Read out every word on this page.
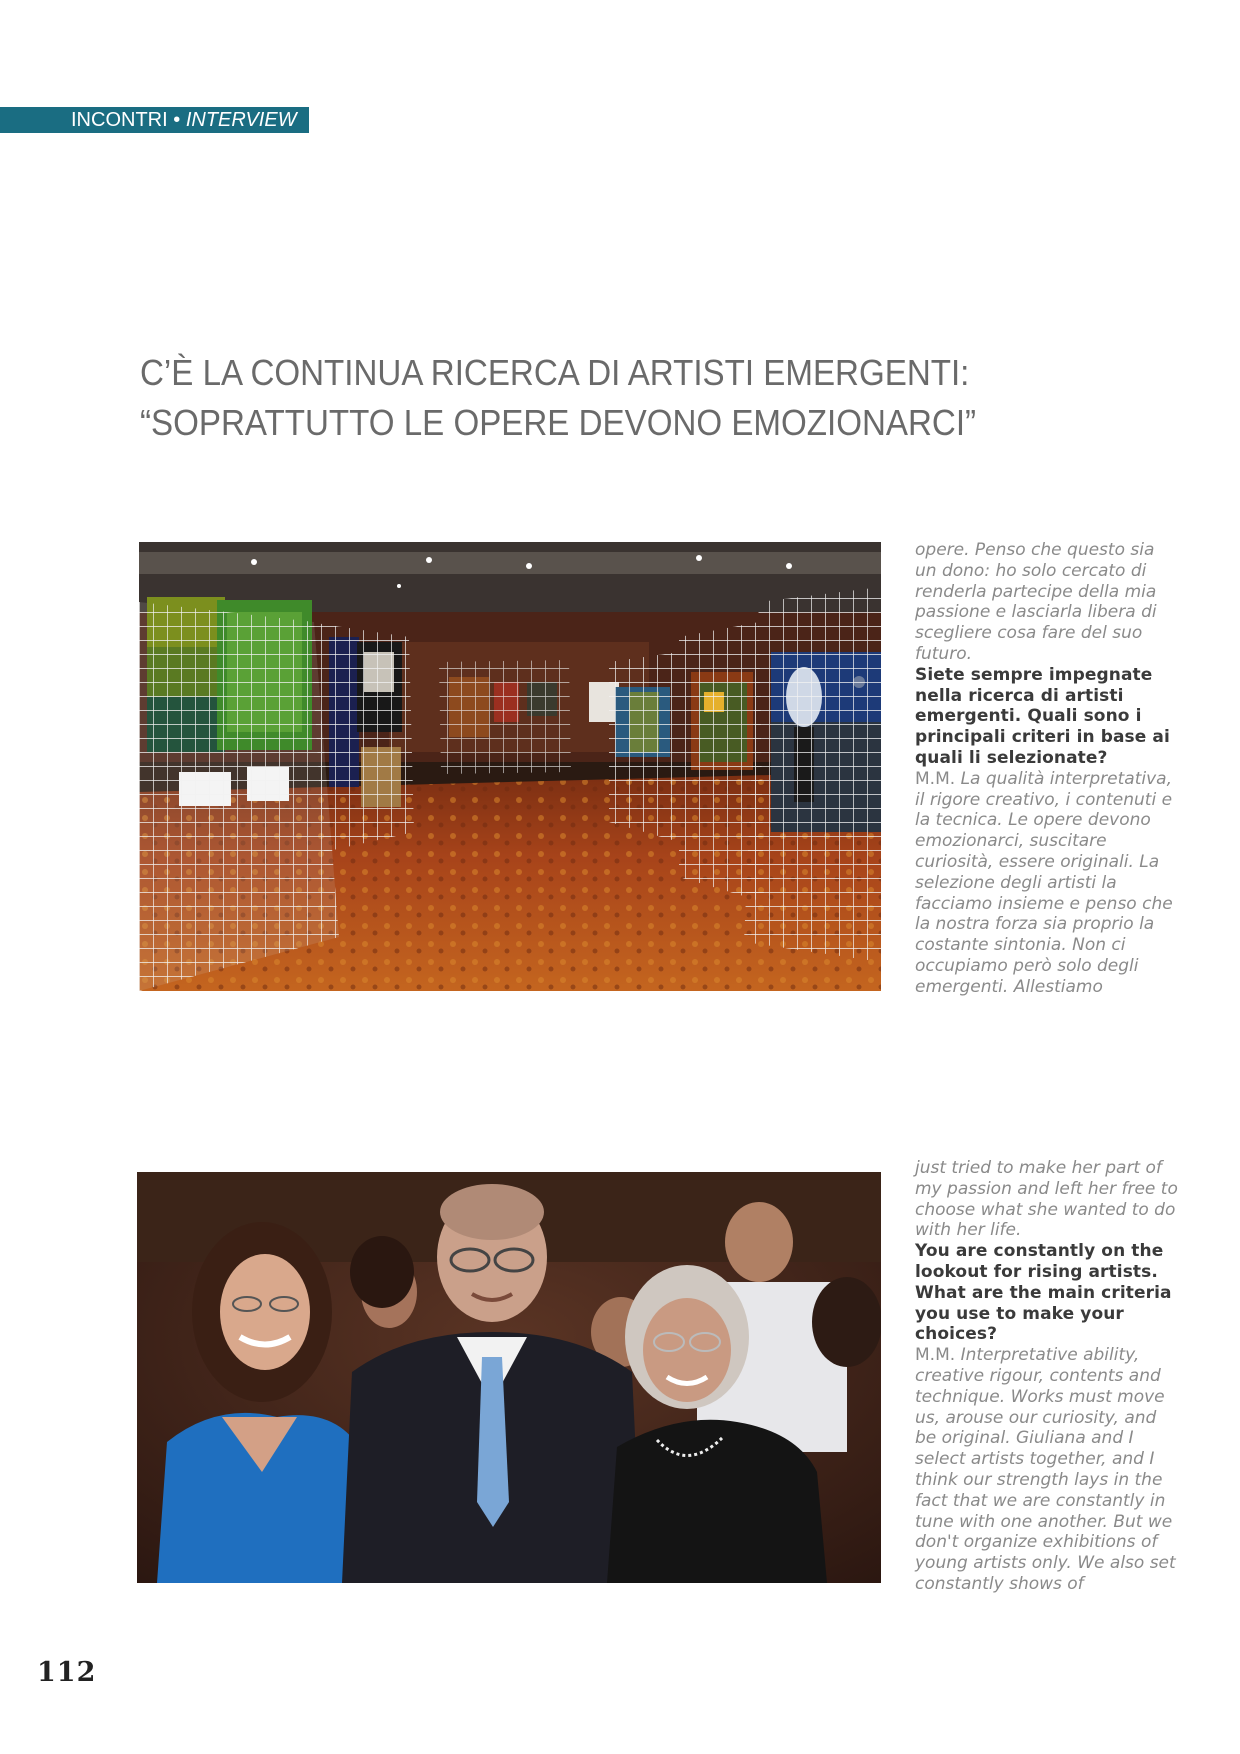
INCONTRI • INTERVIEW
C’È LA CONTINUA RICERCA DI ARTISTI EMERGENTI:
“SOPRATTUTTO LE OPERE DEVONO EMOZIONARCI”

opere. Penso che questo sia un dono: ho solo cercato di renderla partecipe della mia passione e lasciarla libera di scegliere cosa fare del suo futuro.

Siete sempre impegnate nella ricerca di artisti emergenti. Quali sono i principali criteri in base ai quali li selezionate?

M.M. La qualità interpretativa, il rigore creativo, i contenuti e la tecnica. Le opere devono emozionarci, suscitare curiosità, essere originali. La selezione degli artisti la facciamo insieme e penso che la nostra forza sia proprio la costante sintonia. Non ci occupiamo però solo degli emergenti. Allestiamo

just tried to make her part of my passion and left her free to choose what she wanted to do with her life.

You are constantly on the lookout for rising artists. What are the main criteria you use to make your choices?

M.M. Interpretative ability, creative rigour, contents and technique. Works must move us, arouse our curiosity, and be original. Giuliana and I select artists together, and I think our strength lays in the fact that we are constantly in tune with one another. But we don't organize exhibitions of young artists only. We also set constantly shows of

112
